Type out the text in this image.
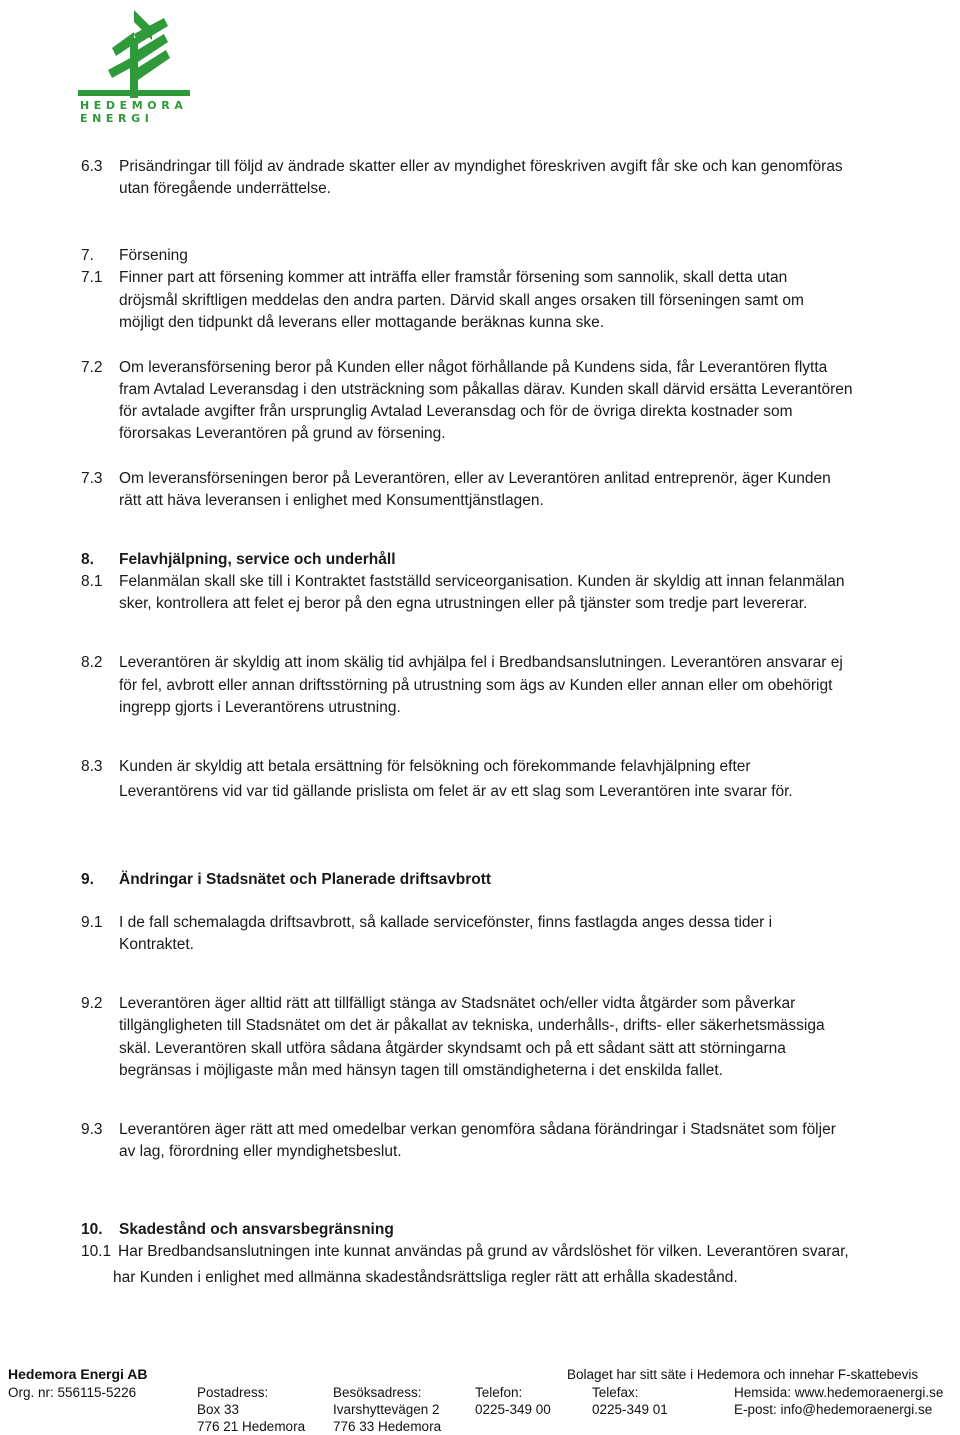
HEDEMORA
ENERGI
6.3 Prisändringar till följd av ändrade skatter eller av myndighet föreskriven avgift får ske och kan genomföras

utan föregående underrättelse.

7. Försening

7.1 Finner part att försening kommer att inträffa eller framstår försening som sannolik, skall detta utan

dröjsmål skriftligen meddelas den andra parten. Därvid skall anges orsaken till förseningen samt om

möjligt den tidpunkt då leverans eller mottagande beräknas kunna ske.

7.2 Om leveransförsening beror på Kunden eller något förhållande på Kundens sida, får Leverantören flytta

fram Avtalad Leveransdag i den utsträckning som påkallas därav. Kunden skall därvid ersätta Leverantören

för avtalade avgifter från ursprunglig Avtalad Leveransdag och för de övriga direkta kostnader som

förorsakas Leverantören på grund av försening.

7.3 Om leveransförseningen beror på Leverantören, eller av Leverantören anlitad entreprenör, äger Kunden

rätt att häva leveransen i enlighet med Konsumenttjänstlagen.

8. Felavhjälpning, service och underhåll

8.1 Felanmälan skall ske till i Kontraktet fastställd serviceorganisation. Kunden är skyldig att innan felanmälan

sker, kontrollera att felet ej beror på den egna utrustningen eller på tjänster som tredje part levererar.

8.2 Leverantören är skyldig att inom skälig tid avhjälpa fel i Bredbandsanslutningen. Leverantören ansvarar ej

för fel, avbrott eller annan driftsstörning på utrustning som ägs av Kunden eller annan eller om obehörigt

ingrepp gjorts i Leverantörens utrustning.

8.3 Kunden är skyldig att betala ersättning för felsökning och förekommande felavhjälpning efter

Leverantörens vid var tid gällande prislista om felet är av ett slag som Leverantören inte svarar för.

9. Ändringar i Stadsnätet och Planerade driftsavbrott

9.1 I de fall schemalagda driftsavbrott, så kallade servicefönster, finns fastlagda anges dessa tider i

Kontraktet.

9.2 Leverantören äger alltid rätt att tillfälligt stänga av Stadsnätet och/eller vidta åtgärder som påverkar

tillgängligheten till Stadsnätet om det är påkallat av tekniska, underhålls-, drifts- eller säkerhetsmässiga

skäl. Leverantören skall utföra sådana åtgärder skyndsamt och på ett sådant sätt att störningarna

begränsas i möjligaste mån med hänsyn tagen till omständigheterna i det enskilda fallet.

9.3 Leverantören äger rätt att med omedelbar verkan genomföra sådana förändringar i Stadsnätet som följer

av lag, förordning eller myndighetsbeslut.

10. Skadestånd och ansvarsbegränsning

10.1 Har Bredbandsanslutningen inte kunnat användas på grund av vårdslöshet för vilken. Leverantören svarar,

har Kunden i enlighet med allmänna skadeståndsrättsliga regler rätt att erhålla skadestånd.

Hedemora Energi AB	Bolaget har sitt säte i Hedemora och innehar F-skattebevis
Org. nr: 556115-5226	Postadress:
Box 33
776 21 Hedemora
Besöksadress:
Ivarshyttevägen 2
776 33 Hedemora
Telefon:
0225-349 00
Telefax:
0225-349 01
Hemsida: www.hedemoraenergi.se
E-post: info@hedemoraenergi.se
